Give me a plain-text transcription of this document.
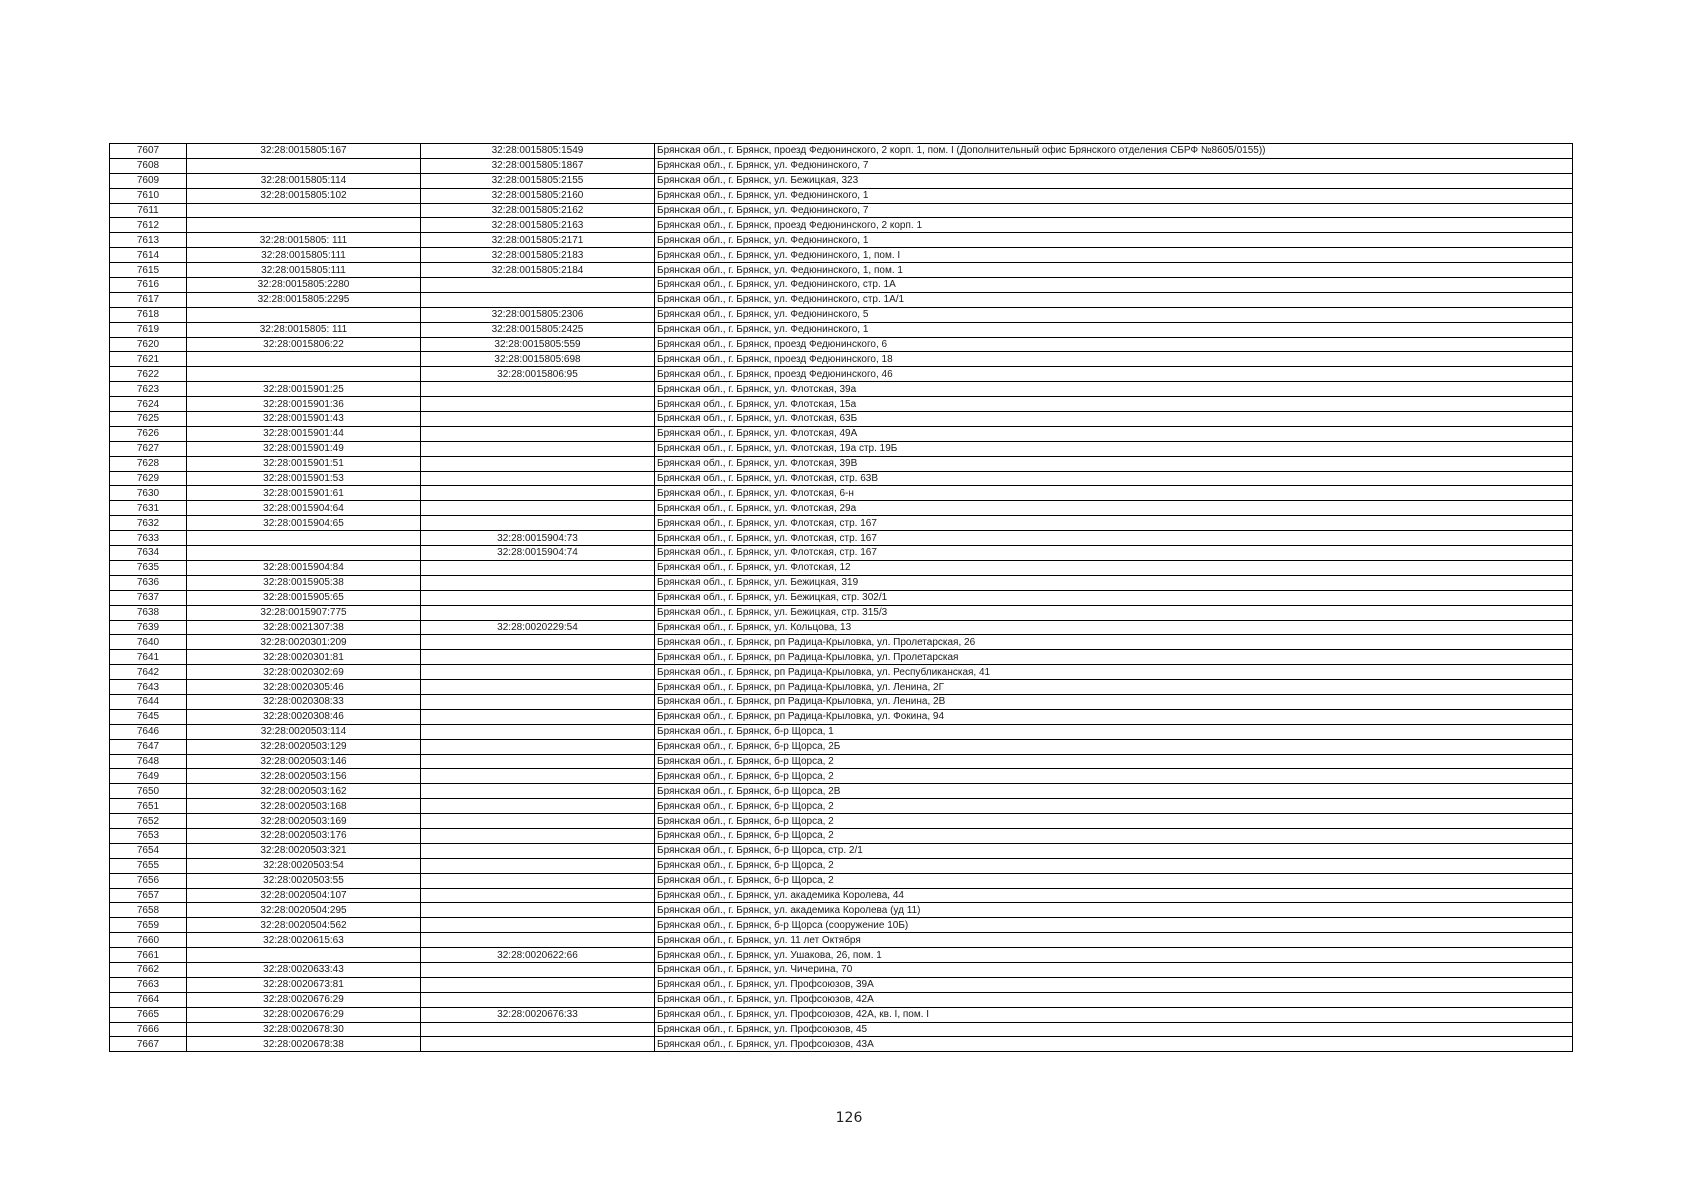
7607	32:28:0015805:167	32:28:0015805:1549	Брянская обл., г. Брянск, проезд Федюнинского, 2 корп. 1, пом. I (Дополнительный офис Брянского отделения СБРФ №8605/0155))
7608		32:28:0015805:1867	Брянская обл., г. Брянск, ул. Федюнинского, 7
7609	32:28:0015805:114	32:28:0015805:2155	Брянская обл., г. Брянск, ул. Бежицкая, 323
7610	32:28:0015805:102	32:28:0015805:2160	Брянская обл., г. Брянск, ул. Федюнинского, 1
7611		32:28:0015805:2162	Брянская обл., г. Брянск, ул. Федюнинского, 7
7612		32:28:0015805:2163	Брянская обл., г. Брянск, проезд Федюнинского, 2 корп. 1
7613	32:28:0015805: 111	32:28:0015805:2171	Брянская обл., г. Брянск, ул. Федюнинского, 1
7614	32:28:0015805:111	32:28:0015805:2183	Брянская обл., г. Брянск, ул. Федюнинского, 1, пом. I
7615	32:28:0015805:111	32:28:0015805:2184	Брянская обл., г. Брянск, ул. Федюнинского, 1, пом. 1
7616	32:28:0015805:2280		Брянская обл., г. Брянск, ул. Федюнинского, стр. 1А
7617	32:28:0015805:2295		Брянская обл., г. Брянск, ул. Федюнинского, стр. 1А/1
7618		32:28:0015805:2306	Брянская обл., г. Брянск, ул. Федюнинского, 5
7619	32:28:0015805: 111	32:28:0015805:2425	Брянская обл., г. Брянск, ул. Федюнинского, 1
7620	32:28:0015806:22	32:28:0015805:559	Брянская обл., г. Брянск, проезд Федюнинского, 6
7621		32:28:0015805:698	Брянская обл., г. Брянск, проезд Федюнинского, 18
7622		32:28:0015806:95	Брянская обл., г. Брянск, проезд Федюнинского, 46
7623	32:28:0015901:25		Брянская обл., г. Брянск, ул. Флотская, 39а
7624	32:28:0015901:36		Брянская обл., г. Брянск, ул. Флотская, 15а
7625	32:28:0015901:43		Брянская обл., г. Брянск, ул. Флотская, 63Б
7626	32:28:0015901:44		Брянская обл., г. Брянск, ул. Флотская, 49А
7627	32:28:0015901:49		Брянская обл., г. Брянск, ул. Флотская, 19а стр. 19Б
7628	32:28:0015901:51		Брянская обл., г. Брянск, ул. Флотская, 39В
7629	32:28:0015901:53		Брянская обл., г. Брянск, ул. Флотская, стр. 63В
7630	32:28:0015901:61		Брянская обл., г. Брянск, ул. Флотская, 6-н
7631	32:28:0015904:64		Брянская обл., г. Брянск, ул. Флотская, 29а
7632	32:28:0015904:65		Брянская обл., г. Брянск, ул. Флотская, стр. 167
7633		32:28:0015904:73	Брянская обл., г. Брянск, ул. Флотская, стр. 167
7634		32:28:0015904:74	Брянская обл., г. Брянск, ул. Флотская, стр. 167
7635	32:28:0015904:84		Брянская обл., г. Брянск, ул. Флотская, 12
7636	32:28:0015905:38		Брянская обл., г. Брянск, ул. Бежицкая, 319
7637	32:28:0015905:65		Брянская обл., г. Брянск, ул. Бежицкая, стр. 302/1
7638	32:28:0015907:775		Брянская обл., г. Брянск, ул. Бежицкая, стр. 315/3
7639	32:28:0021307:38	32:28:0020229:54	Брянская обл., г. Брянск, ул. Кольцова, 13
7640	32:28:0020301:209		Брянская обл., г. Брянск, рп Радица-Крыловка, ул. Пролетарская, 26
7641	32:28:0020301:81		Брянская обл., г. Брянск, рп Радица-Крыловка, ул. Пролетарская
7642	32:28:0020302:69		Брянская обл., г. Брянск, рп Радица-Крыловка, ул. Республиканская, 41
7643	32:28:0020305:46		Брянская обл., г. Брянск, рп Радица-Крыловка, ул. Ленина, 2Г
7644	32:28:0020308:33		Брянская обл., г. Брянск, рп Радица-Крыловка, ул. Ленина, 2В
7645	32:28:0020308:46		Брянская обл., г. Брянск, рп Радица-Крыловка, ул. Фокина, 94
7646	32:28:0020503:114		Брянская обл., г. Брянск, б-р Щорса, 1
7647	32:28:0020503:129		Брянская обл., г. Брянск, б-р Щорса, 2Б
7648	32:28:0020503:146		Брянская обл., г. Брянск, б-р Щорса, 2
7649	32:28:0020503:156		Брянская обл., г. Брянск, б-р Щорса, 2
7650	32:28:0020503:162		Брянская обл., г. Брянск, б-р Щорса, 2В
7651	32:28:0020503:168		Брянская обл., г. Брянск, б-р Щорса, 2
7652	32:28:0020503:169		Брянская обл., г. Брянск, б-р Щорса, 2
7653	32:28:0020503:176		Брянская обл., г. Брянск, б-р Щорса, 2
7654	32:28:0020503:321		Брянская обл., г. Брянск, б-р Щорса, стр. 2/1
7655	32:28:0020503:54		Брянская обл., г. Брянск, б-р Щорса, 2
7656	32:28:0020503:55		Брянская обл., г. Брянск, б-р Щорса, 2
7657	32:28:0020504:107		Брянская обл., г. Брянск, ул. академика Королева, 44
7658	32:28:0020504:295		Брянская обл., г. Брянск, ул. академика Королева (уд 11)
7659	32:28:0020504:562		Брянская обл., г. Брянск, б-р Щорса (сооружение 10Б)
7660	32:28:0020615:63		Брянская обл., г. Брянск, ул. 11 лет Октября
7661		32:28:0020622:66	Брянская обл., г. Брянск, ул. Ушакова, 26, пом. 1
7662	32:28:0020633:43		Брянская обл., г. Брянск, ул. Чичерина, 70
7663	32:28:0020673:81		Брянская обл., г. Брянск, ул. Профсоюзов, 39А
7664	32:28:0020676:29		Брянская обл., г. Брянск, ул. Профсоюзов, 42А
7665	32:28:0020676:29	32:28:0020676:33	Брянская обл., г. Брянск, ул. Профсоюзов, 42А, кв. I, пом. I
7666	32:28:0020678:30		Брянская обл., г. Брянск, ул. Профсоюзов, 45
7667	32:28:0020678:38		Брянская обл., г. Брянск, ул. Профсоюзов, 43А
126
